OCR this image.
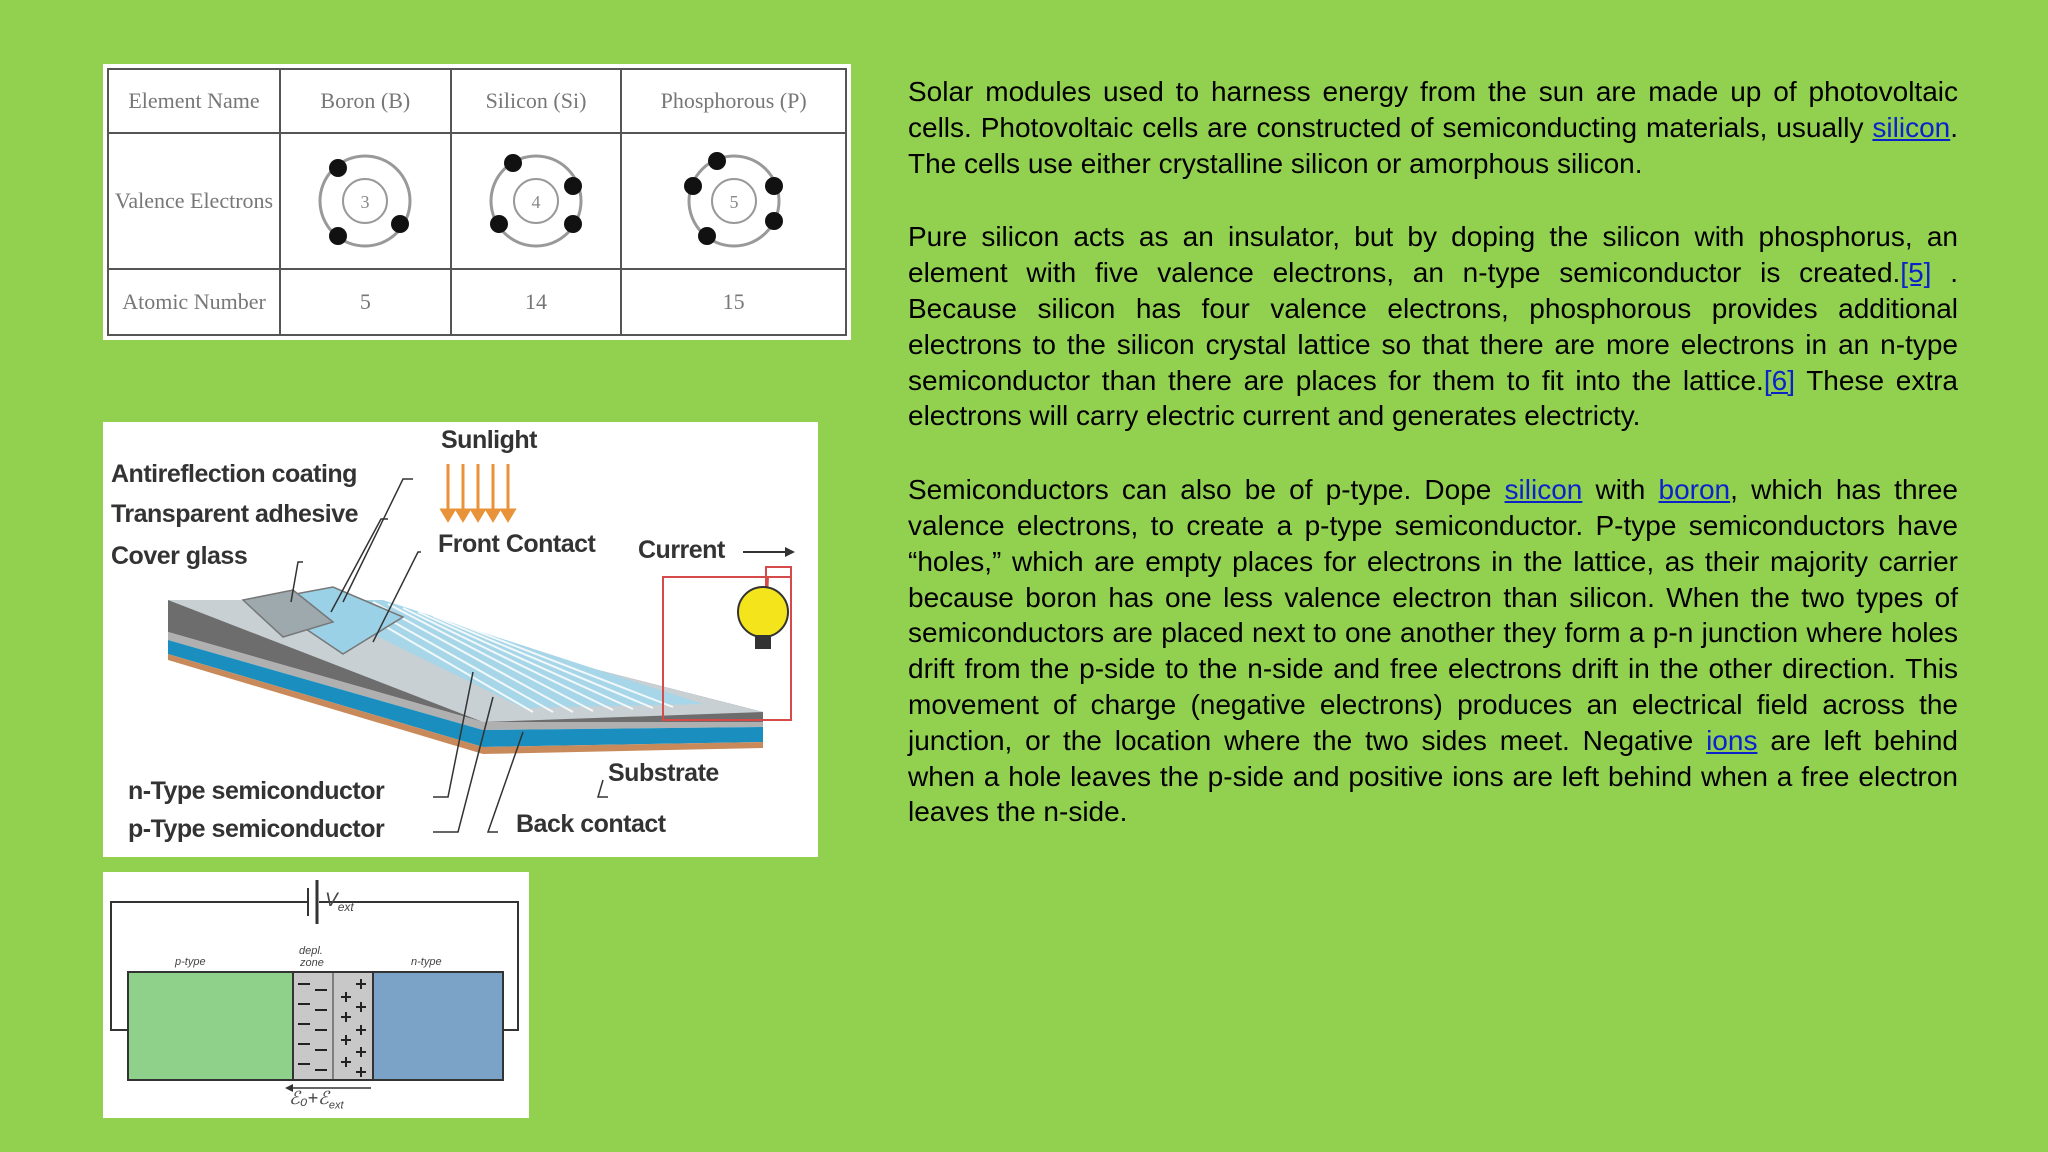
Element Name	Boron (B)	Silicon (Si)	Phosphorous (P)
Valence Electrons	3	4	5

Atomic Number	5	14	15
Sunlight
Antireflection coating
Transparent adhesive
Cover glass	Front Contact Current
Substrate
n-Type semiconductor
p-Type semiconductor	Back contact
$V_{ext}$
p-type
depl.
zone	n-type
ℰ₀+ℰ$_{ext}$

Solar modules used to harness energy from the sun are made up of photovoltaic cells. Photovoltaic cells are constructed of semiconducting materials, usually silicon. The cells use either crystalline silicon or amorphous silicon.

Pure silicon acts as an insulator, but by doping the silicon with phosphorus, an element with five valence electrons, an n-type semiconductor is created.[5] . Because silicon has four valence electrons, phosphorous provides additional electrons to the silicon crystal lattice so that there are more electrons in an n-type semiconductor than there are places for them to fit into the lattice.[6] These extra electrons will carry electric current and generates electricty.

Semiconductors can also be of p-type. Dope silicon with boron, which has three valence electrons, to create a p-type semiconductor. P-type semiconductors have “holes,” which are empty places for electrons in the lattice, as their majority carrier because boron has one less valence electron than silicon. When the two types of semiconductors are placed next to one another they form a p-n junction where holes drift from the p-side to the n-side and free electrons drift in the other direction. This movement of charge (negative electrons) produces an electrical field across the junction, or the location where the two sides meet. Negative ions are left behind when a hole leaves the p-side and positive ions are left behind when a free electron leaves the n-side.
